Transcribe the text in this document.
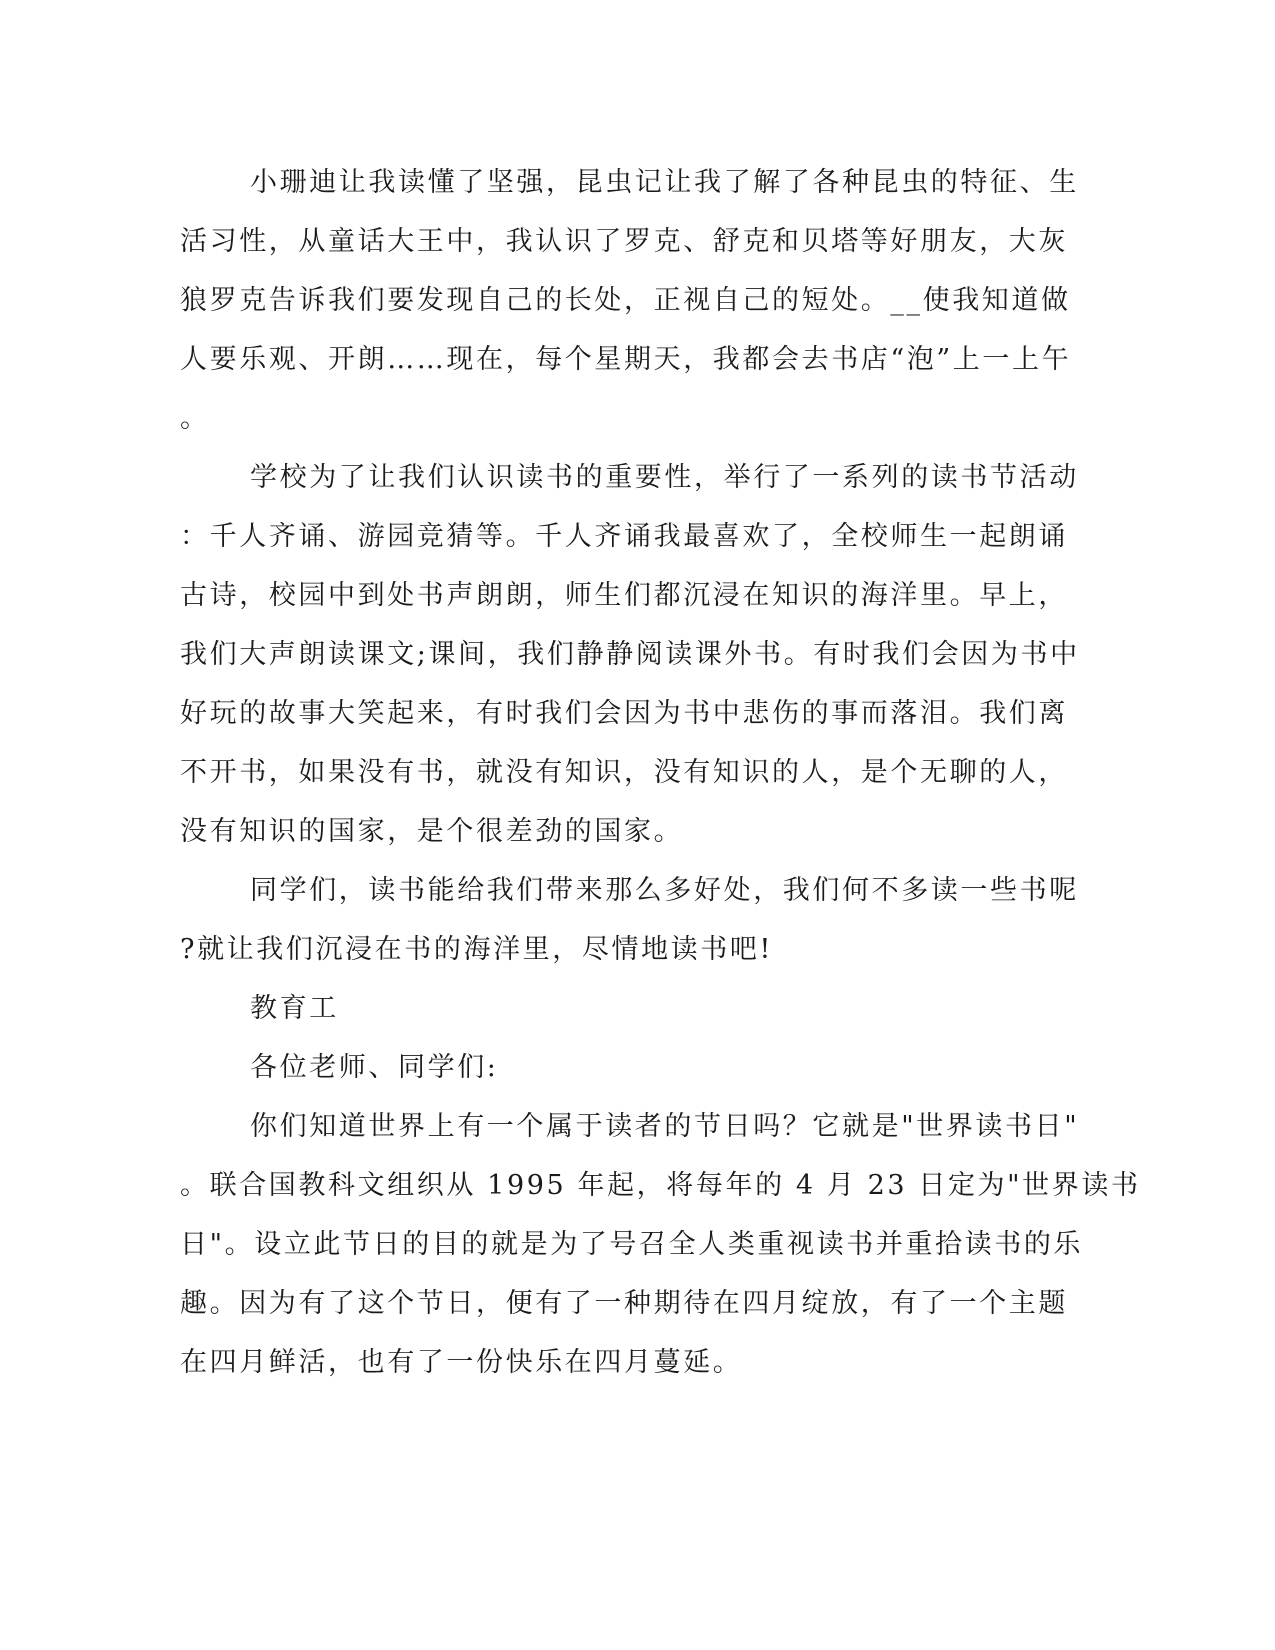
小珊迪让我读懂了坚强，昆虫记让我了解了各种昆虫的特征、生
活习性，从童话大王中，我认识了罗克、舒克和贝塔等好朋友，大灰
狼罗克告诉我们要发现自己的长处，正视自己的短处。__使我知道做
人要乐观、开朗……现在，每个星期天，我都会去书店“泡”上一上午
。
学校为了让我们认识读书的重要性，举行了一系列的读书节活动
：千人齐诵、游园竞猜等。千人齐诵我最喜欢了，全校师生一起朗诵
古诗，校园中到处书声朗朗，师生们都沉浸在知识的海洋里。早上，
我们大声朗读课文;课间，我们静静阅读课外书。有时我们会因为书中
好玩的故事大笑起来，有时我们会因为书中悲伤的事而落泪。我们离
不开书，如果没有书，就没有知识，没有知识的人，是个无聊的人，
没有知识的国家，是个很差劲的国家。
同学们，读书能给我们带来那么多好处，我们何不多读一些书呢
?就让我们沉浸在书的海洋里，尽情地读书吧!
教育工
各位老师、同学们:
你们知道世界上有一个属于读者的节日吗？它就是"世界读书日"
。联合国教科文组织从 1995 年起，将每年的 4 月 23 日定为"世界读书
日"。设立此节日的目的就是为了号召全人类重视读书并重拾读书的乐
趣。因为有了这个节日，便有了一种期待在四月绽放，有了一个主题
在四月鲜活，也有了一份快乐在四月蔓延。
